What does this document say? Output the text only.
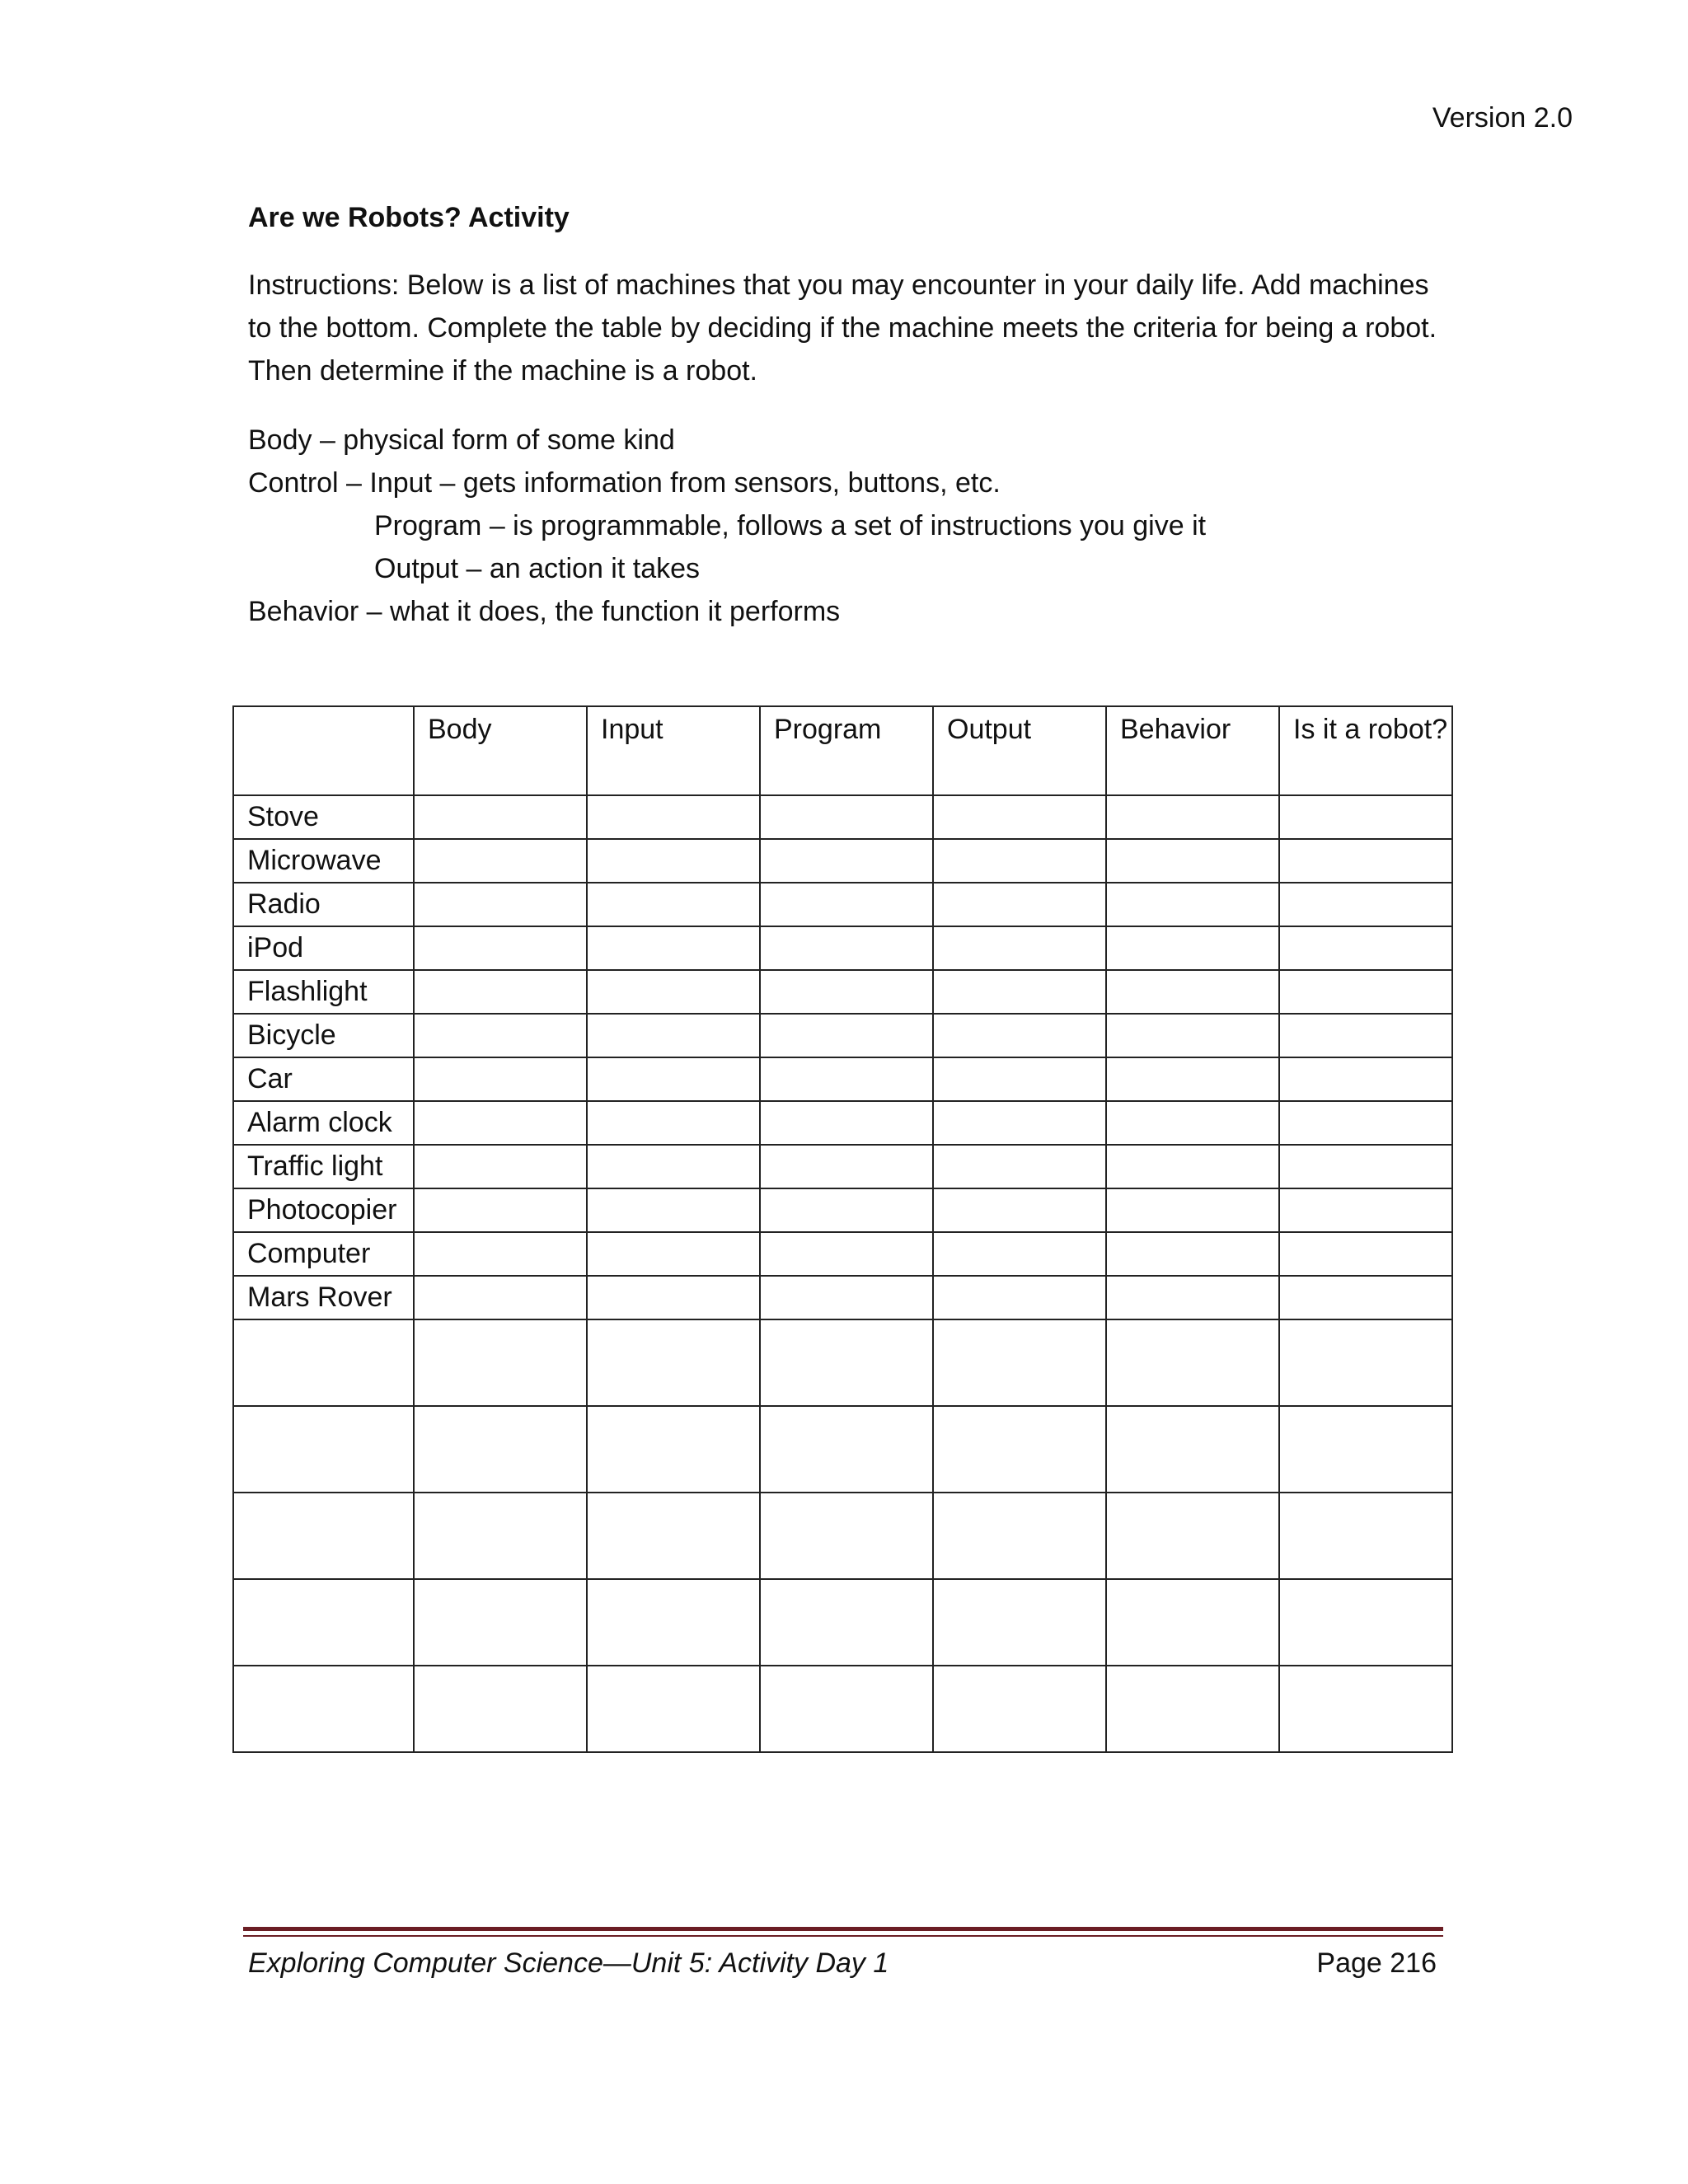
Version 2.0
Are we Robots? Activity
Instructions: Below is a list of machines that you may encounter in your daily life. Add machines to the bottom. Complete the table by deciding if the machine meets the criteria for being a robot. Then determine if the machine is a robot.
Body – physical form of some kind
Control – Input – gets information from sensors, buttons, etc.
Program – is programmable, follows a set of instructions you give it
Output – an action it takes
Behavior – what it does, the function it performs
	Body	Input	Program	Output	Behavior	Is it a robot?
Stove						
Microwave						
Radio						
iPod						
Flashlight						
Bicycle						
Car						
Alarm clock						
Traffic light						
Photocopier						
Computer						
Mars Rover						

Exploring Computer Science—Unit 5: Activity Day 1	Page 216
